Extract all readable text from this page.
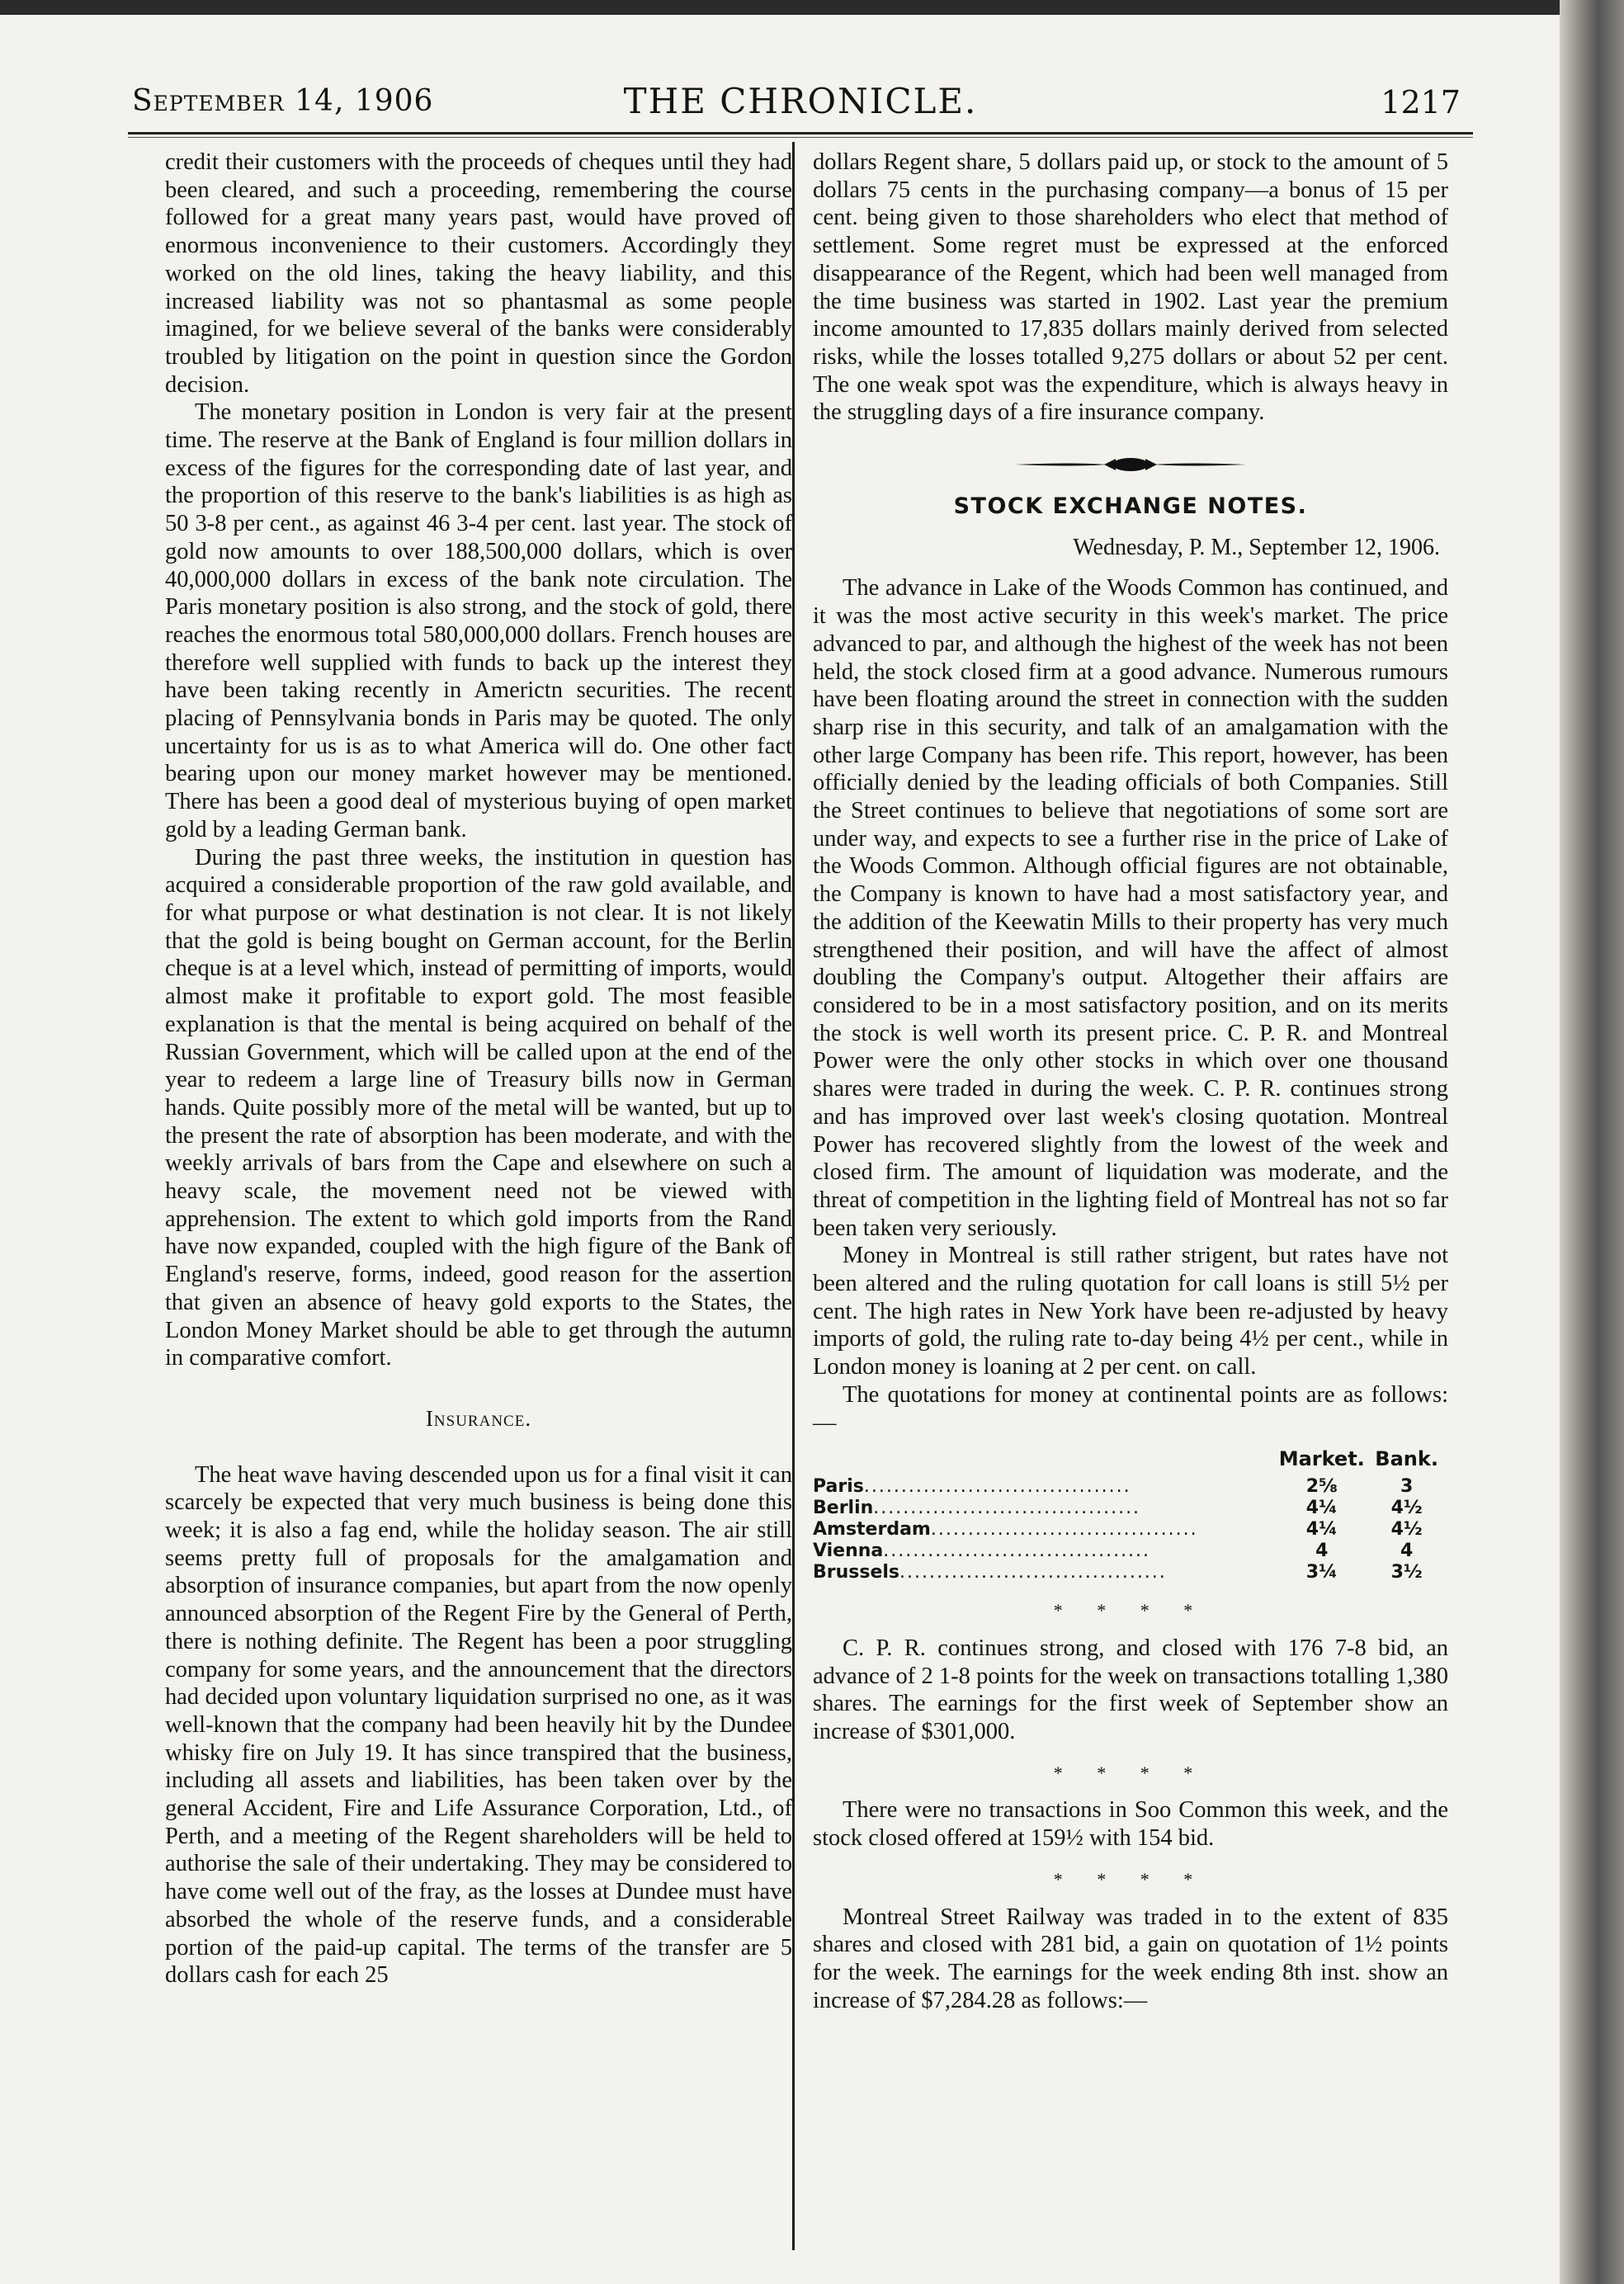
September 14, 1906	THE CHRONICLE.	1217

credit their customers with the proceeds of cheques until they had been cleared, and such a proceeding, remembering the course followed for a great many years past, would have proved of enormous inconvenience to their customers. Accordingly they worked on the old lines, taking the heavy liability, and this increased liability was not so phantasmal as some people imagined, for we believe several of the banks were considerably troubled by litigation on the point in question since the Gordon decision.

The monetary position in London is very fair at the present time. The reserve at the Bank of England is four million dollars in excess of the figures for the corresponding date of last year, and the proportion of this reserve to the bank's liabilities is as high as 50 3-8 per cent., as against 46 3-4 per cent. last year. The stock of gold now amounts to over 188,500,000 dollars, which is over 40,000,000 dollars in excess of the bank note circulation. The Paris monetary position is also strong, and the stock of gold, there reaches the enormous total 580,000,000 dollars. French houses are therefore well supplied with funds to back up the interest they have been taking recently in Americtn securities. The recent placing of Pennsylvania bonds in Paris may be quoted. The only uncertainty for us is as to what America will do. One other fact bearing upon our money market however may be mentioned. There has been a good deal of mysterious buying of open market gold by a leading German bank.

During the past three weeks, the institution in question has acquired a considerable proportion of the raw gold available, and for what purpose or what destination is not clear. It is not likely that the gold is being bought on German account, for the Berlin cheque is at a level which, instead of permitting of imports, would almost make it profitable to export gold. The most feasible explanation is that the mental is being acquired on behalf of the Russian Government, which will be called upon at the end of the year to redeem a large line of Treasury bills now in German hands. Quite possibly more of the metal will be wanted, but up to the present the rate of absorption has been moderate, and with the weekly arrivals of bars from the Cape and elsewhere on such a heavy scale, the movement need not be viewed with apprehension. The extent to which gold imports from the Rand have now expanded, coupled with the high figure of the Bank of England's reserve, forms, indeed, good reason for the assertion that given an absence of heavy gold exports to the States, the London Money Market should be able to get through the autumn in comparative comfort.

Insurance.

The heat wave having descended upon us for a final visit it can scarcely be expected that very much business is being done this week; it is also a fag end, while the holiday season. The air still seems pretty full of proposals for the amalgamation and absorption of insurance companies, but apart from the now openly announced absorption of the Regent Fire by the General of Perth, there is nothing definite. The Regent has been a poor struggling company for some years, and the announcement that the directors had decided upon voluntary liquidation surprised no one, as it was well-known that the company had been heavily hit by the Dundee whisky fire on July 19. It has since transpired that the business, including all assets and liabilities, has been taken over by the general Accident, Fire and Life Assurance Corporation, Ltd., of Perth, and a meeting of the Regent shareholders will be held to authorise the sale of their undertaking. They may be considered to have come well out of the fray, as the losses at Dundee must have absorbed the whole of the reserve funds, and a considerable portion of the paid-up capital. The terms of the transfer are 5 dollars cash for each 25

dollars Regent share, 5 dollars paid up, or stock to the amount of 5 dollars 75 cents in the purchasing company—a bonus of 15 per cent. being given to those shareholders who elect that method of settlement. Some regret must be expressed at the enforced disappearance of the Regent, which had been well managed from the time business was started in 1902. Last year the premium income amounted to 17,835 dollars mainly derived from selected risks, while the losses totalled 9,275 dollars or about 52 per cent. The one weak spot was the expenditure, which is always heavy in the struggling days of a fire insurance company.

STOCK EXCHANGE NOTES.
Wednesday, P. M., September 12, 1906.

The advance in Lake of the Woods Common has continued, and it was the most active security in this week's market. The price advanced to par, and although the highest of the week has not been held, the stock closed firm at a good advance. Numerous rumours have been floating around the street in connection with the sudden sharp rise in this security, and talk of an amalgamation with the other large Company has been rife. This report, however, has been officially denied by the leading officials of both Companies. Still the Street continues to believe that negotiations of some sort are under way, and expects to see a further rise in the price of Lake of the Woods Common. Although official figures are not obtainable, the Company is known to have had a most satisfactory year, and the addition of the Keewatin Mills to their property has very much strengthened their position, and will have the affect of almost doubling the Company's output. Altogether their affairs are considered to be in a most satisfactory position, and on its merits the stock is well worth its present price. C. P. R. and Montreal Power were the only other stocks in which over one thousand shares were traded in during the week. C. P. R. continues strong and has improved over last week's closing quotation. Montreal Power has recovered slightly from the lowest of the week and closed firm. The amount of liquidation was moderate, and the threat of competition in the lighting field of Montreal has not so far been taken very seriously.

Money in Montreal is still rather strigent, but rates have not been altered and the ruling quotation for call loans is still 5½ per cent. The high rates in New York have been re-adjusted by heavy imports of gold, the ruling rate to-day being 4½ per cent., while in London money is loaning at 2 per cent. on call.

The quotations for money at continental points are as follows:—

	Market.	Bank.
Paris....................................	2⅝	3
Berlin....................................	4¼	4½
Amsterdam....................................	4¼	4½
Vienna....................................	4	4
Brussels....................................	3¼	3½
* * * *

C. P. R. continues strong, and closed with 176 7-8 bid, an advance of 2 1-8 points for the week on transactions totalling 1,380 shares. The earnings for the first week of September show an increase of $301,000.

* * * *

There were no transactions in Soo Common this week, and the stock closed offered at 159½ with 154 bid.

* * * *

Montreal Street Railway was traded in to the extent of 835 shares and closed with 281 bid, a gain on quotation of 1½ points for the week. The earnings for the week ending 8th inst. show an increase of $7,284.28 as follows:—
